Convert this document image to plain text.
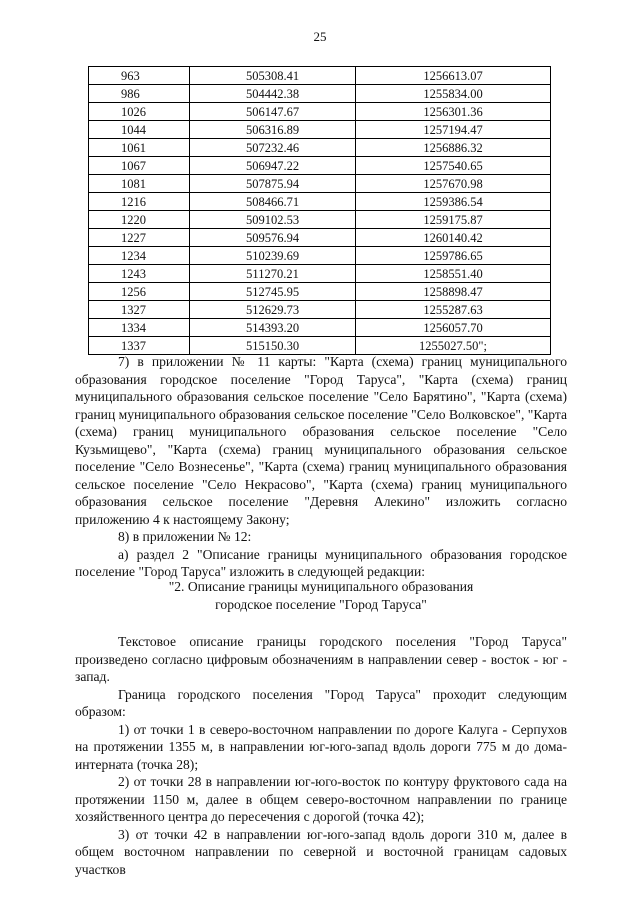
25
963	505308.41	1256613.07
986	504442.38	1255834.00
1026	506147.67	1256301.36
1044	506316.89	1257194.47
1061	507232.46	1256886.32
1067	506947.22	1257540.65
1081	507875.94	1257670.98
1216	508466.71	1259386.54
1220	509102.53	1259175.87
1227	509576.94	1260140.42
1234	510239.69	1259786.65
1243	511270.21	1258551.40
1256	512745.95	1258898.47
1327	512629.73	1255287.63
1334	514393.20	1256057.70
1337	515150.30	1255027.50";

7) в приложении № 11 карты: "Карта (схема) границ муниципального образования городское поселение "Город Таруса", "Карта (схема) границ муниципального образования сельское поселение "Село Барятино", "Карта (схема) границ муниципального образования сельское поселение "Село Волковское", "Карта (схема) границ муниципального образования сельское поселение "Село Кузьмищево", "Карта (схема) границ муниципального образования сельское поселение "Село Вознесенье", "Карта (схема) границ муниципального образования сельское поселение "Село Некрасово", "Карта (схема) границ муниципального образования сельское поселение "Деревня Алекино" изложить согласно приложению 4 к настоящему Закону;

8) в приложении № 12:

а) раздел 2 "Описание границы муниципального образования городское поселение "Город Таруса" изложить в следующей редакции:

"2. Описание границы муниципального образования
городское поселение "Город Таруса"

Текстовое описание границы городского поселения "Город Таруса" произведено согласно цифровым обозначениям в направлении север - восток - юг - запад.

Граница городского поселения "Город Таруса" проходит следующим образом:

1) от точки 1 в северо-восточном направлении по дороге Калуга - Серпухов на протяжении 1355 м, в направлении юг-юго-запад вдоль дороги 775 м до дома-интерната (точка 28);

2) от точки 28 в направлении юг-юго-восток по контуру фруктового сада на протяжении 1150 м, далее в общем северо-восточном направлении по границе хозяйственного центра до пересечения с дорогой (точка 42);

3) от точки 42 в направлении юг-юго-запад вдоль дороги 310 м, далее в общем восточном направлении по северной и восточной границам садовых участков
